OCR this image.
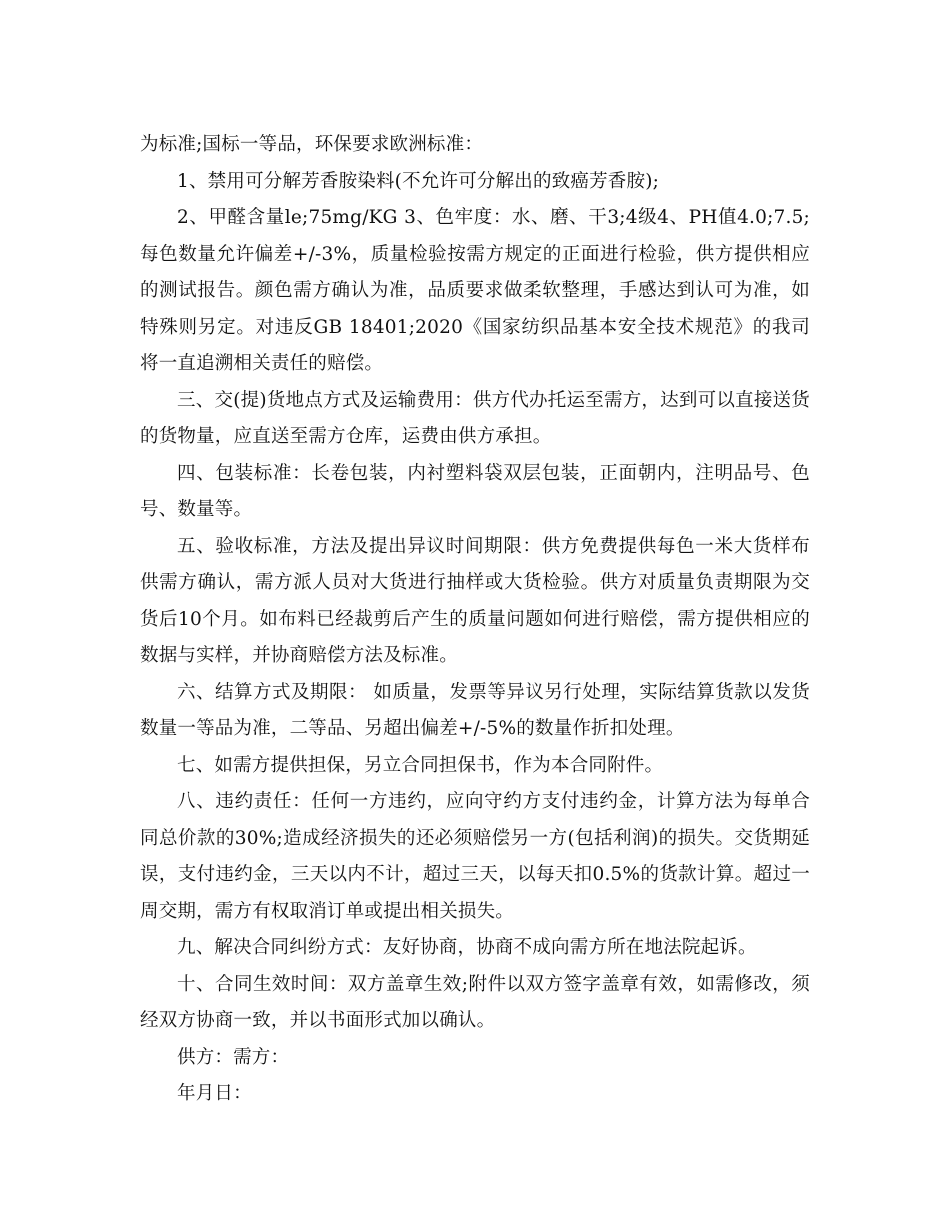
为标准;国标一等品，环保要求欧洲标准：

1、禁用可分解芳香胺染料(不允许可分解出的致癌芳香胺);

2、甲醛含量le;75mg/KG 3、色牢度：水、磨、干3;4级4、PH值4.0;7.5;每色数量允许偏差+/-3%，质量检验按需方规定的正面进行检验，供方提供相应的测试报告。颜色需方确认为准，品质要求做柔软整理，手感达到认可为准，如特殊则另定。对违反GB 18401;2020《国家纺织品基本安全技术规范》的我司将一直追溯相关责任的赔偿。

三、交(提)货地点方式及运输费用：供方代办托运至需方，达到可以直接送货的货物量，应直送至需方仓库，运费由供方承担。

四、包装标准：长卷包装，内衬塑料袋双层包装，正面朝内，注明品号、色号、数量等。

五、验收标准，方法及提出异议时间期限：供方免费提供每色一米大货样布供需方确认，需方派人员对大货进行抽样或大货检验。供方对质量负责期限为交货后10个月。如布料已经裁剪后产生的质量问题如何进行赔偿，需方提供相应的数据与实样，并协商赔偿方法及标准。

六、结算方式及期限： 如质量，发票等异议另行处理，实际结算货款以发货数量一等品为准，二等品、另超出偏差+/-5%的数量作折扣处理。

七、如需方提供担保，另立合同担保书，作为本合同附件。

八、违约责任：任何一方违约，应向守约方支付违约金，计算方法为每单合同总价款的30%;造成经济损失的还必须赔偿另一方(包括利润)的损失。交货期延误，支付违约金，三天以内不计，超过三天，以每天扣0.5%的货款计算。超过一周交期，需方有权取消订单或提出相关损失。

九、解决合同纠纷方式：友好协商，协商不成向需方所在地法院起诉。

十、合同生效时间：双方盖章生效;附件以双方签字盖章有效，如需修改，须经双方协商一致，并以书面形式加以确认。

供方：需方：

年月日：
